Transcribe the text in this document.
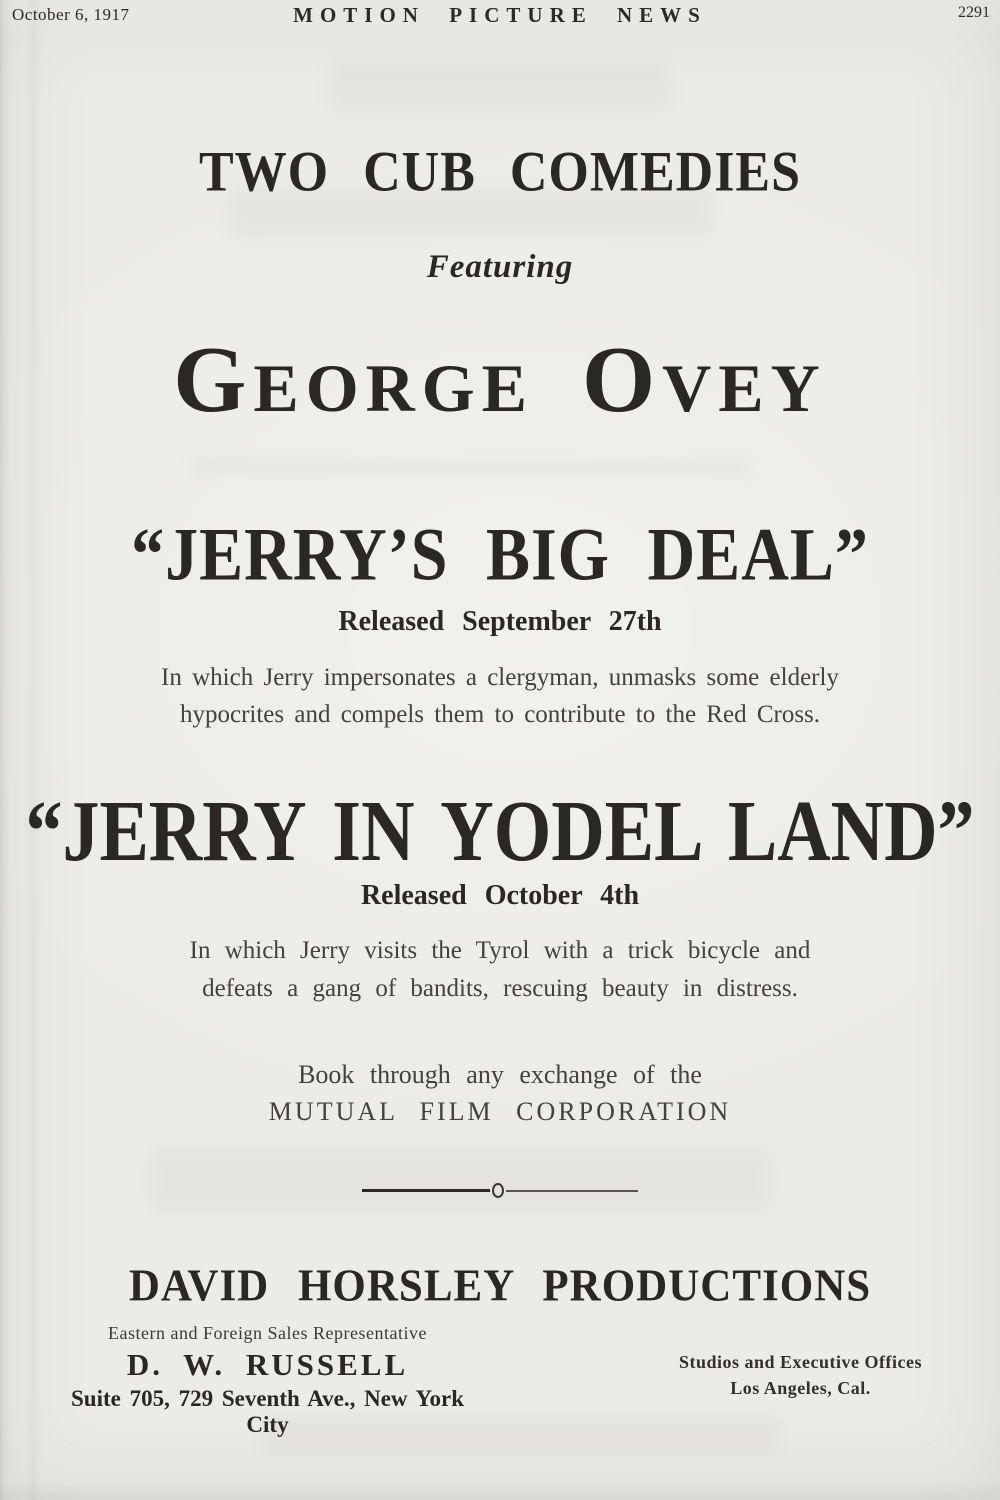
October 6, 1917	MOTION PICTURE NEWS	2291
TWO CUB COMEDIES
Featuring
GEORGE OVEY
“JERRY’S BIG DEAL”
Released September 27th
In which Jerry impersonates a clergyman, unmasks some elderly
hypocrites and compels them to contribute to the Red Cross.
“JERRY IN YODEL LAND”
Released October 4th
In which Jerry visits the Tyrol with a trick bicycle and
defeats a gang of bandits, rescuing beauty in distress.
Book through any exchange of the
MUTUAL FILM CORPORATION
DAVID HORSLEY PRODUCTIONS
Eastern and Foreign Sales Representative
D. W. RUSSELL
Suite 705, 729 Seventh Ave., New York City
Studios and Executive Offices
Los Angeles, Cal.
